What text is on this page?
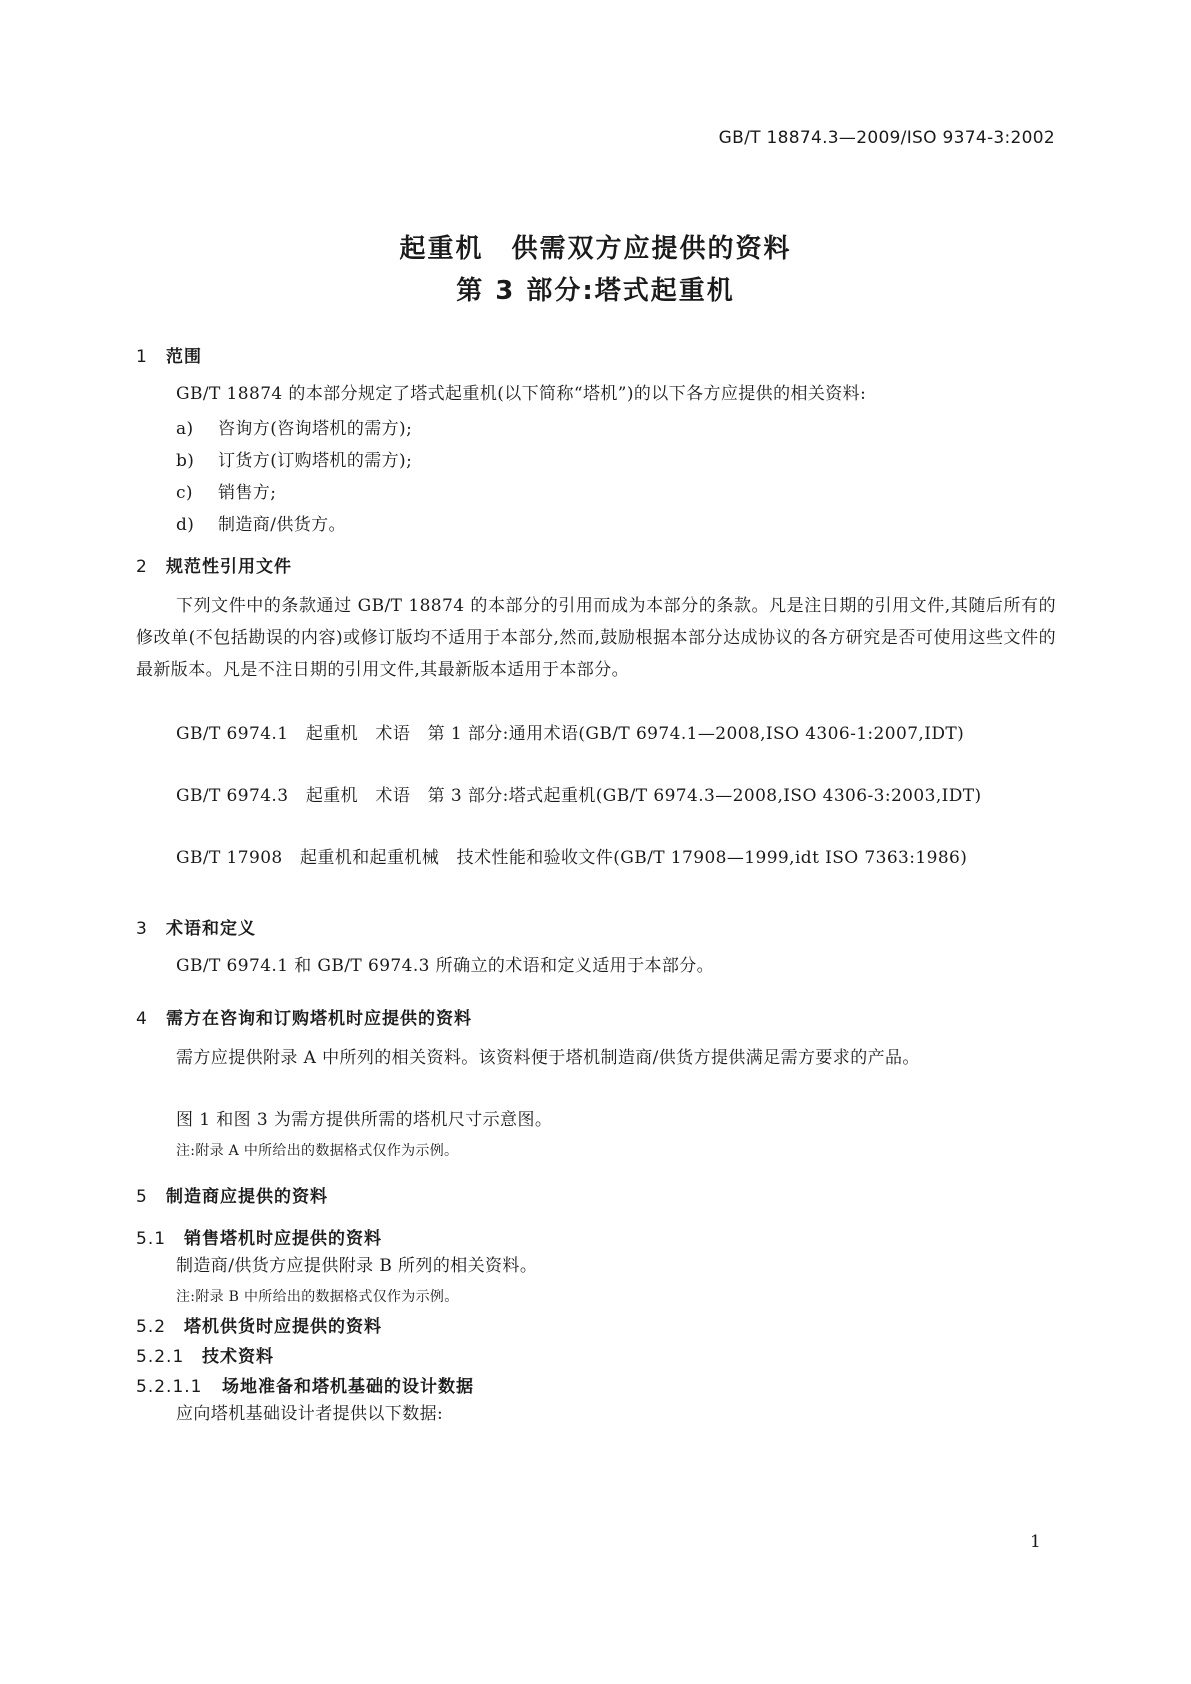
GB/T 18874.3—2009/ISO 9374-3:2002
起重机　供需双方应提供的资料
第 3 部分:塔式起重机
1 范围

GB/T 18874 的本部分规定了塔式起重机(以下简称“塔机”)的以下各方应提供的相关资料:

a) 咨询方(咨询塔机的需方);
b) 订货方(订购塔机的需方);
c) 销售方;
d) 制造商/供货方。
2 规范性引用文件

下列文件中的条款通过 GB/T 18874 的本部分的引用而成为本部分的条款。凡是注日期的引用文件,其随后所有的修改单(不包括勘误的内容)或修订版均不适用于本部分,然而,鼓励根据本部分达成协议的各方研究是否可使用这些文件的最新版本。凡是不注日期的引用文件,其最新版本适用于本部分。

GB/T 6974.1　起重机　术语　第 1 部分:通用术语(GB/T 6974.1—2008,ISO 4306-1:2007,IDT)

GB/T 6974.3　起重机　术语　第 3 部分:塔式起重机(GB/T 6974.3—2008,ISO 4306-3:2003,IDT)

GB/T 17908　起重机和起重机械　技术性能和验收文件(GB/T 17908—1999,idt ISO 7363:1986)

3 术语和定义

GB/T 6974.1 和 GB/T 6974.3 所确立的术语和定义适用于本部分。

4 需方在咨询和订购塔机时应提供的资料

需方应提供附录 A 中所列的相关资料。该资料便于塔机制造商/供货方提供满足需方要求的产品。

图 1 和图 3 为需方提供所需的塔机尺寸示意图。

注:附录 A 中所给出的数据格式仅作为示例。
5 制造商应提供的资料
5.1 销售塔机时应提供的资料

制造商/供货方应提供附录 B 所列的相关资料。

注:附录 B 中所给出的数据格式仅作为示例。
5.2 塔机供货时应提供的资料
5.2.1 技术资料
5.2.1.1 场地准备和塔机基础的设计数据

应向塔机基础设计者提供以下数据:

1
